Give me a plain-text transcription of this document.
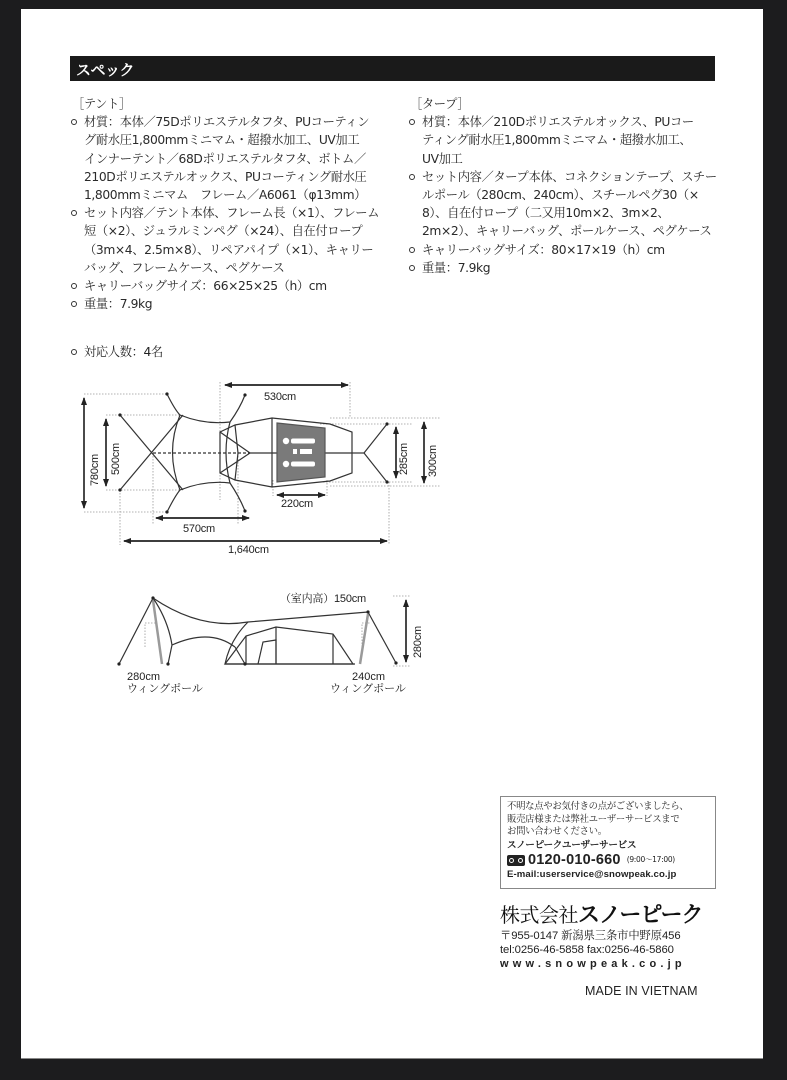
スペック
［テント］
材質：本体／75Dポリエステルタフタ、PUコーティン
グ耐水圧1,800mmミニマム・超撥水加工、UV加工
インナーテント／68Dポリエステルタフタ、ボトム／
210Dポリエステルオックス、PUコーティング耐水圧
1,800mmミニマム　フレーム／A6061（φ13mm）
セット内容／テント本体、フレーム長（×1）、フレーム
短（×2）、ジュラルミンペグ（×24）、自在付ロープ
（3m×4、2.5m×8）、リペアパイプ（×1）、キャリー
バッグ、フレームケース、ペグケース
キャリーバッグサイズ：66×25×25（h）cm
重量：7.9kg
［タープ］
材質：本体／210Dポリエステルオックス、PUコー
ティング耐水圧1,800mmミニマム・超撥水加工、
UV加工
セット内容／タープ本体、コネクションテープ、スチー
ルポール（280cm、240cm）、スチールペグ30（×
8）、自在付ロープ（二又用10m×2、3m×2、
2m×2）、キャリーバッグ、ポールケース、ペグケース
キャリーバッグサイズ：80×17×19（h）cm
重量：7.9kg
対応人数：4名
780cm 500cm
530cm
285cm 300cm
220cm
570cm
1,640cm
（室内高）150cm
280cm
280cm
ウィングポール
240cm
ウィングポール
不明な点やお気付きの点がございましたら、
販売店様または弊社ユーザーサービスまで
お問い合わせください。
スノーピークユーザーサービス
0120-010-660 (9:00〜17:00)
E-mail:userservice@snowpeak.co.jp
株式会社スノーピーク
〒955-0147 新潟県三条市中野原456
tel:0256-46-5858 fax:0256-46-5860
www.snowpeak.co.jp
MADE IN VIETNAM
